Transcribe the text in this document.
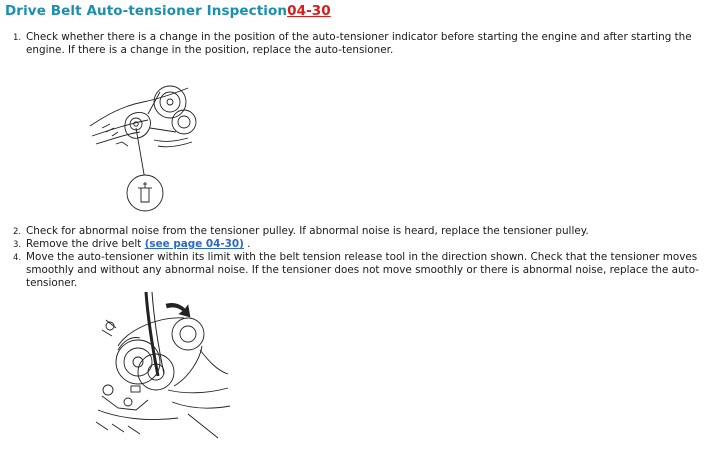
Drive Belt Auto-tensioner Inspection04-30
1. Check whether there is a change in the position of the auto-tensioner indicator before starting the engine and after starting the engine. If there is a change in the position, replace the auto-tensioner.
2. Check for abnormal noise from the tensioner pulley. If abnormal noise is heard, replace the tensioner pulley.
3. Remove the drive belt (see page 04-30) .
4. Move the auto-tensioner within its limit with the belt tension release tool in the direction shown. Check that the tensioner moves smoothly and without any abnormal noise. If the tensioner does not move smoothly or there is abnormal noise, replace the auto-tensioner.
